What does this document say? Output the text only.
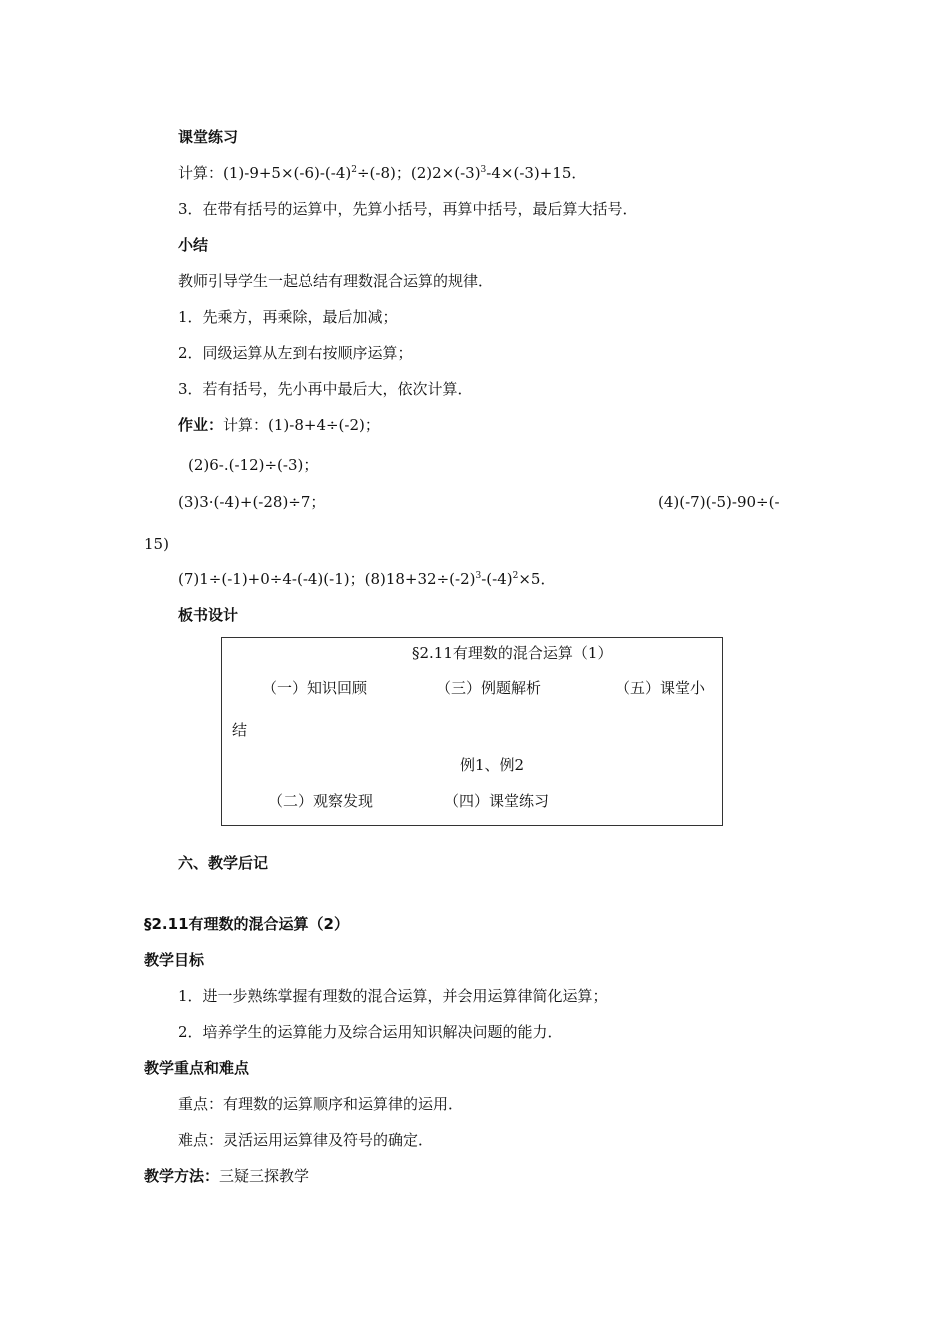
课堂练习
计算：$(1)-9+5\times(-6)-(-4)^2\div(-8)$；$(2)2\times(-3)^3-4\times(-3)+15$．
3．在带有括号的运算中，先算小括号，再算中括号，最后算大括号．
小结
教师引导学生一起总结有理数混合运算的规律．
1．先乘方，再乘除，最后加减；
2．同级运算从左到右按顺序运算；
3．若有括号，先小再中最后大，依次计算．
作业：计算：(1)-8+4÷(-2)；
(2)6-.(-12)÷(-3)；
(3)3·(-4)+(-28)÷7；	(4)(-7)(-5)-90÷(-
15)
(7)1÷(-1)+0÷4-(-4)(-1)；$(8)18+32\div(-2)^3-(-4)^2\times 5$．
板书设计
§2.11有理数的混合运算（1）
（一）知识回顾	（三）例题解析	（五）课堂小
结
例1、例2
（二）观察发现	（四）课堂练习
六、教学后记
§2.11有理数的混合运算（2）
教学目标
1．进一步熟练掌握有理数的混合运算，并会用运算律简化运算；
2．培养学生的运算能力及综合运用知识解决问题的能力．
教学重点和难点
重点：有理数的运算顺序和运算律的运用．
难点：灵活运用运算律及符号的确定．
教学方法：三疑三探教学
